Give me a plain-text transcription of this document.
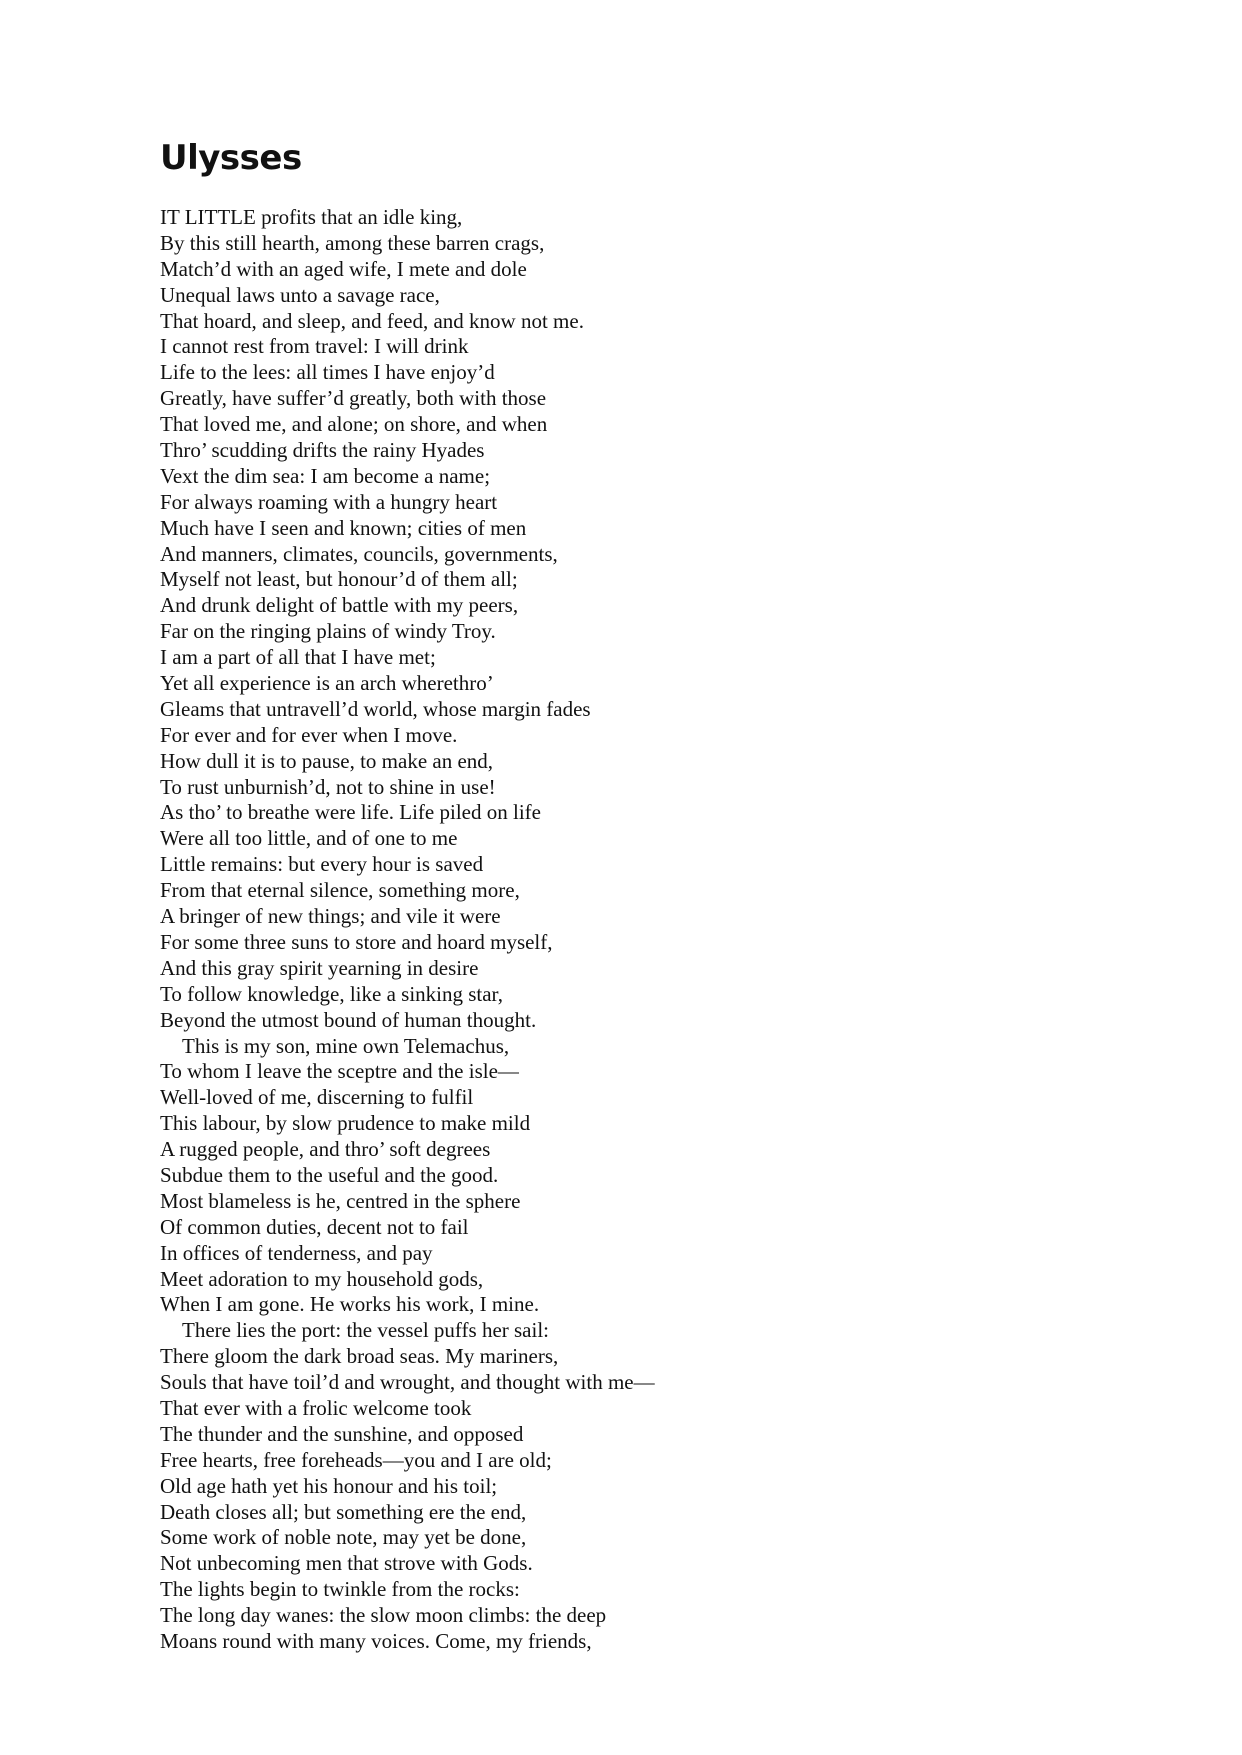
Ulysses
IT LITTLE profits that an idle king,
By this still hearth, among these barren crags,
Match’d with an aged wife, I mete and dole
Unequal laws unto a savage race,
That hoard, and sleep, and feed, and know not me.
I cannot rest from travel: I will drink
Life to the lees: all times I have enjoy’d
Greatly, have suffer’d greatly, both with those
That loved me, and alone; on shore, and when
Thro’ scudding drifts the rainy Hyades
Vext the dim sea: I am become a name;
For always roaming with a hungry heart
Much have I seen and known; cities of men
And manners, climates, councils, governments,
Myself not least, but honour’d of them all;
And drunk delight of battle with my peers,
Far on the ringing plains of windy Troy.
I am a part of all that I have met;
Yet all experience is an arch wherethro’
Gleams that untravell’d world, whose margin fades
For ever and for ever when I move.
How dull it is to pause, to make an end,
To rust unburnish’d, not to shine in use!
As tho’ to breathe were life. Life piled on life
Were all too little, and of one to me
Little remains: but every hour is saved
From that eternal silence, something more,
A bringer of new things; and vile it were
For some three suns to store and hoard myself,
And this gray spirit yearning in desire
To follow knowledge, like a sinking star,
Beyond the utmost bound of human thought.
This is my son, mine own Telemachus,
To whom I leave the sceptre and the isle—
Well-loved of me, discerning to fulfil
This labour, by slow prudence to make mild
A rugged people, and thro’ soft degrees
Subdue them to the useful and the good.
Most blameless is he, centred in the sphere
Of common duties, decent not to fail
In offices of tenderness, and pay
Meet adoration to my household gods,
When I am gone. He works his work, I mine.
There lies the port: the vessel puffs her sail:
There gloom the dark broad seas. My mariners,
Souls that have toil’d and wrought, and thought with me—
That ever with a frolic welcome took
The thunder and the sunshine, and opposed
Free hearts, free foreheads—you and I are old;
Old age hath yet his honour and his toil;
Death closes all; but something ere the end,
Some work of noble note, may yet be done,
Not unbecoming men that strove with Gods.
The lights begin to twinkle from the rocks:
The long day wanes: the slow moon climbs: the deep
Moans round with many voices. Come, my friends,
